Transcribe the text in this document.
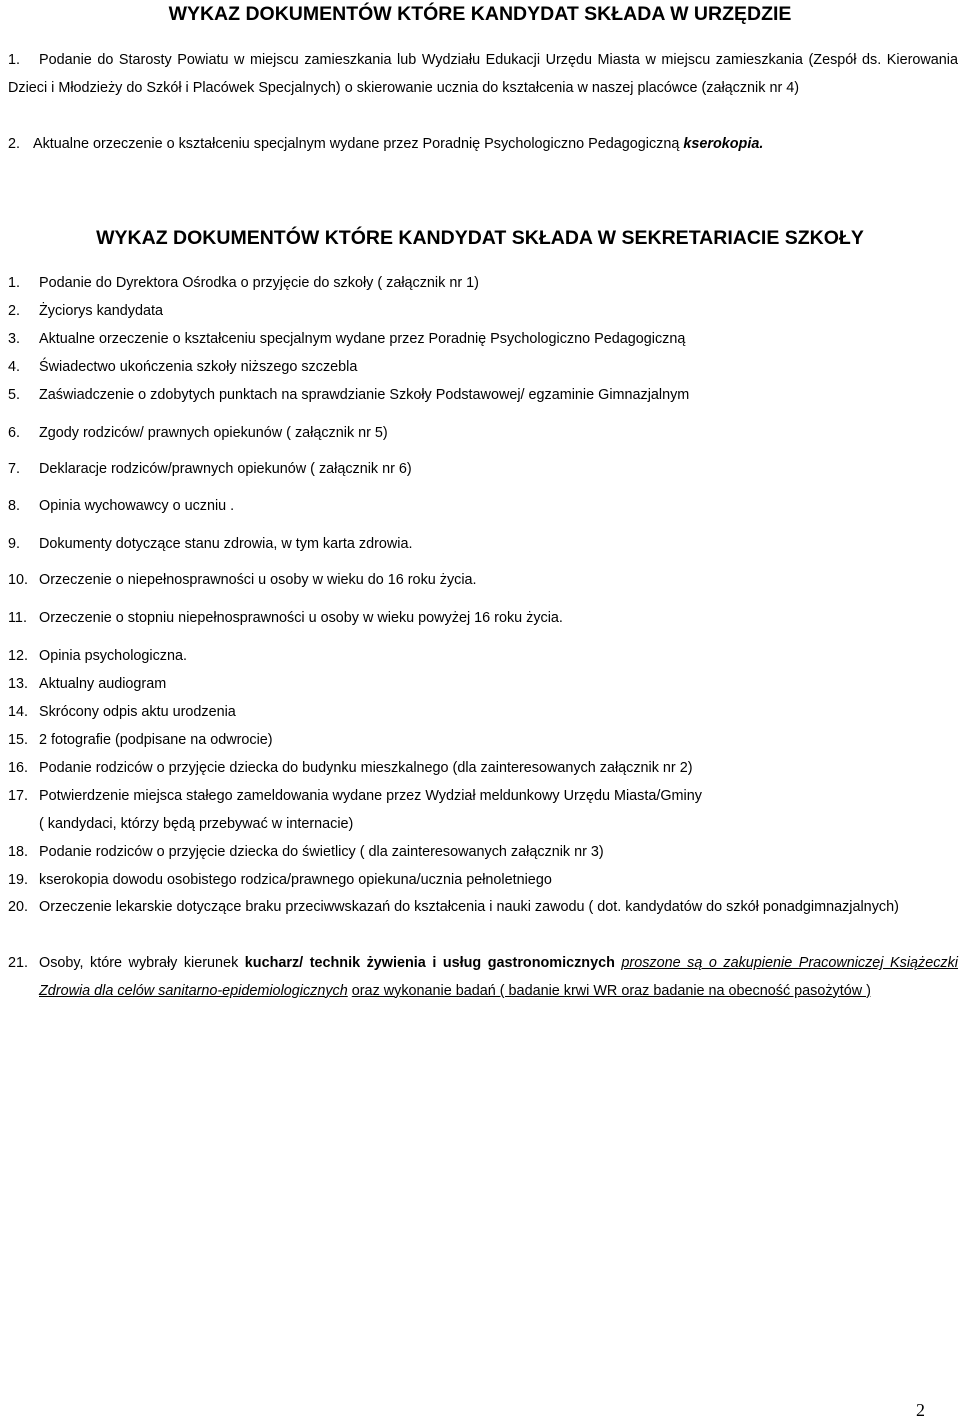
WYKAZ DOKUMENTÓW KTÓRE KANDYDAT SKŁADA W URZĘDZIE
1.	Podanie do Starosty Powiatu w miejscu zamieszkania lub Wydziału Edukacji Urzędu Miasta w miejscu zamieszkania (Zespół ds. Kierowania Dzieci i Młodzieży do Szkół i Placówek Specjalnych) o skierowanie ucznia do kształcenia w naszej placówce (załącznik nr 4)
2. Aktualne orzeczenie o kształceniu specjalnym wydane przez Poradnię Psychologiczno Pedagogiczną kserokopia.
WYKAZ DOKUMENTÓW KTÓRE KANDYDAT SKŁADA W SEKRETARIACIE SZKOŁY
1. Podanie do Dyrektora Ośrodka o przyjęcie do szkoły ( załącznik nr 1)
2. Życiorys kandydata
3. Aktualne orzeczenie o kształceniu specjalnym wydane przez Poradnię Psychologiczno Pedagogiczną
4. Świadectwo ukończenia szkoły niższego szczebla
5. Zaświadczenie o zdobytych punktach na sprawdzianie Szkoły Podstawowej/ egzaminie Gimnazjalnym
6. Zgody rodziców/ prawnych opiekunów ( załącznik nr 5)
7. Deklaracje rodziców/prawnych opiekunów ( załącznik nr 6)
8. Opinia wychowawcy o uczniu .
9. Dokumenty dotyczące stanu zdrowia, w tym karta zdrowia.
10. Orzeczenie o niepełnosprawności u osoby w wieku do 16 roku życia.
11. Orzeczenie o stopniu niepełnosprawności u osoby w wieku powyżej 16 roku życia.
12. Opinia psychologiczna.
13. Aktualny audiogram
14. Skrócony odpis aktu urodzenia
15. 2 fotografie (podpisane na odwrocie)
16. Podanie rodziców o przyjęcie dziecka do budynku mieszkalnego (dla zainteresowanych załącznik nr 2)
17. Potwierdzenie miejsca stałego zameldowania wydane przez Wydział meldunkowy Urzędu Miasta/Gminy
( kandydaci, którzy będą przebywać w internacie)
18. Podanie rodziców o przyjęcie dziecka do świetlicy ( dla zainteresowanych załącznik nr 3)
19. kserokopia dowodu osobistego rodzica/prawnego opiekuna/ucznia pełnoletniego
20. Orzeczenie lekarskie dotyczące braku przeciwwskazań do kształcenia i nauki zawodu ( dot. kandydatów do szkół ponadgimnazjalnych)
21. Osoby, które wybrały kierunek kucharz/ technik żywienia i usług gastronomicznych proszone są o zakupienie Pracowniczej Książeczki Zdrowia dla celów sanitarno-epidemiologicznych oraz wykonanie badań ( badanie krwi WR oraz badanie na obecność pasożytów )
2
